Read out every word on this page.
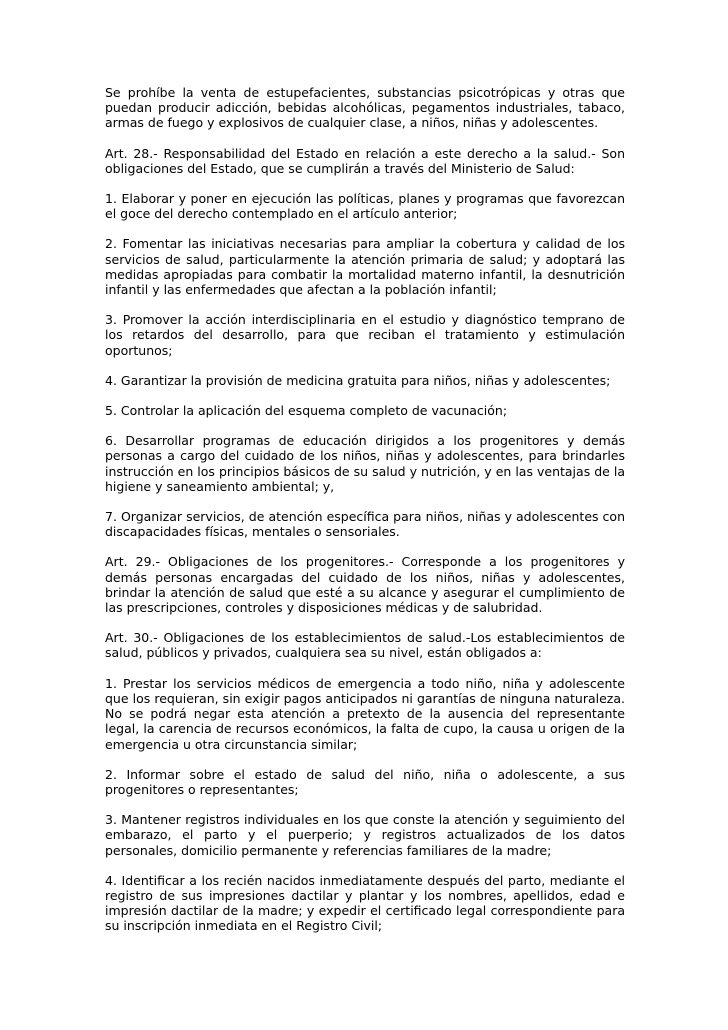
Se prohíbe la venta de estupefacientes, substancias psicotrópicas y otras que puedan producir adicción, bebidas alcohólicas, pegamentos industriales, tabaco, armas de fuego y explosivos de cualquier clase, a niños, niñas y adolescentes.

Art. 28.- Responsabilidad del Estado en relación a este derecho a la salud.- Son obligaciones del Estado, que se cumplirán a través del Ministerio de Salud:

1. Elaborar y poner en ejecución las políticas, planes y programas que favorezcan el goce del derecho contemplado en el artículo anterior;

2. Fomentar las iniciativas necesarias para ampliar la cobertura y calidad de los servicios de salud, particularmente la atención primaria de salud; y adoptará las medidas apropiadas para combatir la mortalidad materno infantil, la desnutrición infantil y las enfermedades que afectan a la población infantil;

3. Promover la acción interdisciplinaria en el estudio y diagnóstico temprano de los retardos del desarrollo, para que reciban el tratamiento y estimulación oportunos;

4. Garantizar la provisión de medicina gratuita para niños, niñas y adolescentes;

5. Controlar la aplicación del esquema completo de vacunación;

6. Desarrollar programas de educación dirigidos a los progenitores y demás personas a cargo del cuidado de los niños, niñas y adolescentes, para brindarles instrucción en los principios básicos de su salud y nutrición, y en las ventajas de la higiene y saneamiento ambiental; y,

7. Organizar servicios, de atención específica para niños, niñas y adolescentes con discapacidades físicas, mentales o sensoriales.

Art. 29.- Obligaciones de los progenitores.- Corresponde a los progenitores y demás personas encargadas del cuidado de los niños, niñas y adolescentes, brindar la atención de salud que esté a su alcance y asegurar el cumplimiento de las prescripciones, controles y disposiciones médicas y de salubridad.

Art. 30.- Obligaciones de los establecimientos de salud.-Los establecimientos de salud, públicos y privados, cualquiera sea su nivel, están obligados a:

1. Prestar los servicios médicos de emergencia a todo niño, niña y adolescente que los requieran, sin exigir pagos anticipados ni garantías de ninguna naturaleza. No se podrá negar esta atención a pretexto de la ausencia del representante legal, la carencia de recursos económicos, la falta de cupo, la causa u origen de la emergencia u otra circunstancia similar;

2. Informar sobre el estado de salud del niño, niña o adolescente, a sus progenitores o representantes;

3. Mantener registros individuales en los que conste la atención y seguimiento del embarazo, el parto y el puerperio; y registros actualizados de los datos personales, domicilio permanente y referencias familiares de la madre;

4. Identificar a los recién nacidos inmediatamente después del parto, mediante el registro de sus impresiones dactilar y plantar y los nombres, apellidos, edad e impresión dactilar de la madre; y expedir el certificado legal correspondiente para su inscripción inmediata en el Registro Civil;
